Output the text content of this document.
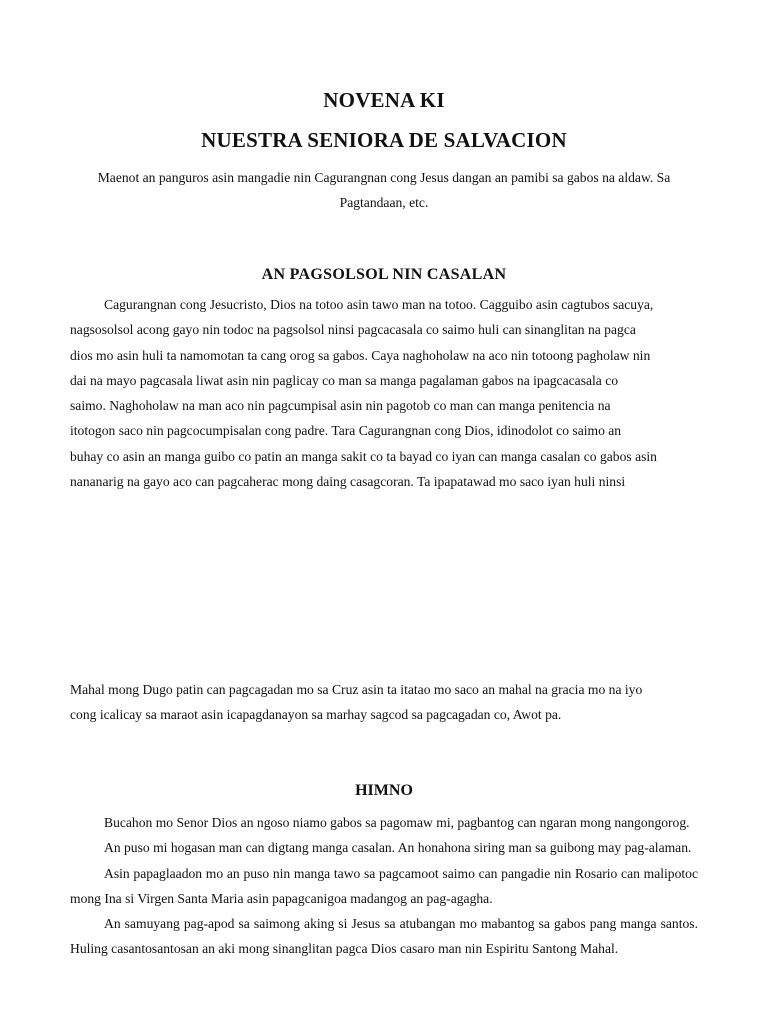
NOVENA KI
NUESTRA SENIORA DE SALVACION
Maenot an panguros asin mangadie nin Cagurangnan cong Jesus dangan an pamibi sa gabos na aldaw. Sa
Pagtandaan, etc.
AN PAGSOLSOL NIN CASALAN
Cagurangnan cong Jesucristo, Dios na totoo asin tawo man na totoo. Cagguibo asin cagtubos sacuya,
nagsosolsol acong gayo nin todoc na pagsolsol ninsi pagcacasala co saimo huli can sinanglitan na pagca
dios mo asin huli ta namomotan ta cang orog sa gabos. Caya naghoholaw na aco nin totoong pagholaw nin
dai na mayo pagcasala liwat asin nin paglicay co man sa manga pagalaman gabos na ipagcacasala co
saimo. Naghoholaw na man aco nin pagcumpisal asin nin pagotob co man can manga penitencia na
itotogon saco nin pagcocumpisalan cong padre. Tara Cagurangnan cong Dios, idinodolot co saimo an
buhay co asin an manga guibo co patin an manga sakit co ta bayad co iyan can manga casalan co gabos asin
nananarig na gayo aco can pagcaherac mong daing casagcoran. Ta ipapatawad mo saco iyan huli ninsi
Mahal mong Dugo patin can pagcagadan mo sa Cruz asin ta itatao mo saco an mahal na gracia mo na iyo
cong icalicay sa maraot asin icapagdanayon sa marhay sagcod sa pagcagadan co, Awot pa.
HIMNO

Bucahon mo Senor Dios an ngoso niamo gabos sa pagomaw mi, pagbantog can ngaran mong nangongorog.

An puso mi hogasan man can digtang manga casalan. An honahona siring man sa guibong may pag-alaman.

Asin papaglaadon mo an puso nin manga tawo sa pagcamoot saimo can pangadie nin Rosario can malipotoc mong Ina si Virgen Santa Maria asin papagcanigoa madangog an pag-agagha.

An samuyang pag-apod sa saimong aking si Jesus sa atubangan mo mabantog sa gabos pang manga santos. Huling casantosantosan an aki mong sinanglitan pagca Dios casaro man nin Espiritu Santong Mahal.
